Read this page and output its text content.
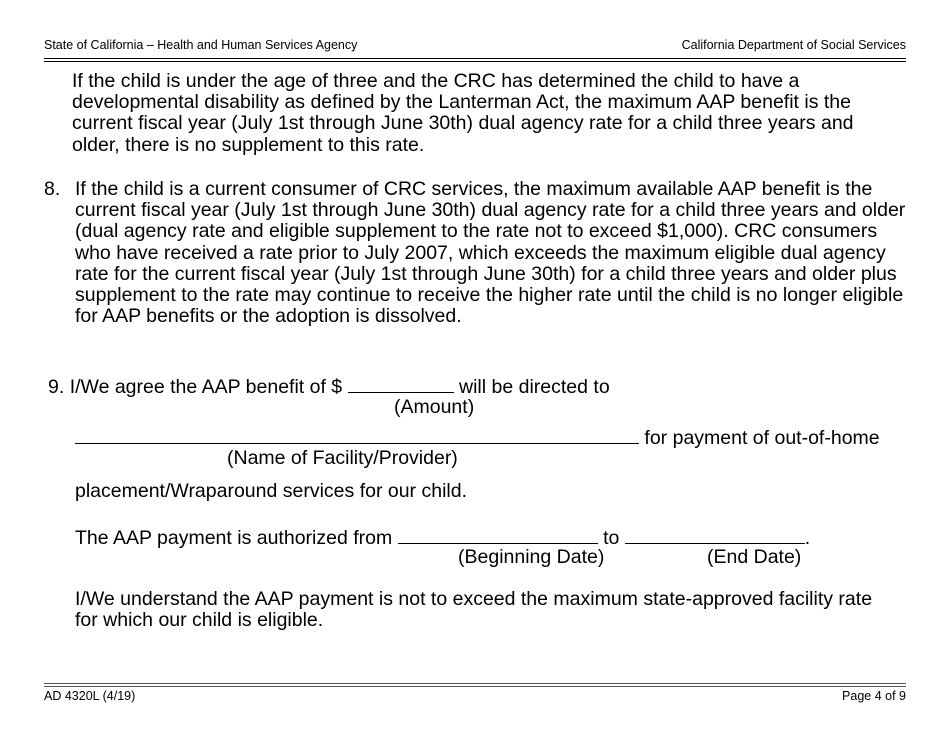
State of California – Health and Human Services Agency	California Department of Social Services

If the child is under the age of three and the CRC has determined the child to have a developmental disability as defined by the Lanterman Act, the maximum AAP benefit is the current fiscal year (July 1st through June 30th) dual agency rate for a child three years and older, there is no supplement to this rate.

8. If the child is a current consumer of CRC services, the maximum available AAP benefit is the current fiscal year (July 1st through June 30th) dual agency rate for a child three years and older (dual agency rate and eligible supplement to the rate not to exceed $1,000). CRC consumers who have received a rate prior to July 2007, which exceeds the maximum eligible dual agency rate for the current fiscal year (July 1st through June 30th) for a child three years and older plus supplement to the rate may continue to receive the higher rate until the child is no longer eligible for AAP benefits or the adoption is dissolved.
9. I/We agree the AAP benefit of $	will be directed to
(Amount)
for payment of out-of-home
(Name of Facility/Provider)
placement/Wraparound services for our child.
The AAP payment is authorized from	to	.
(Beginning Date)	(End Date)

I/We understand the AAP payment is not to exceed the maximum state-approved facility rate for which our child is eligible.

AD 4320L (4/19)	Page 4 of 9
